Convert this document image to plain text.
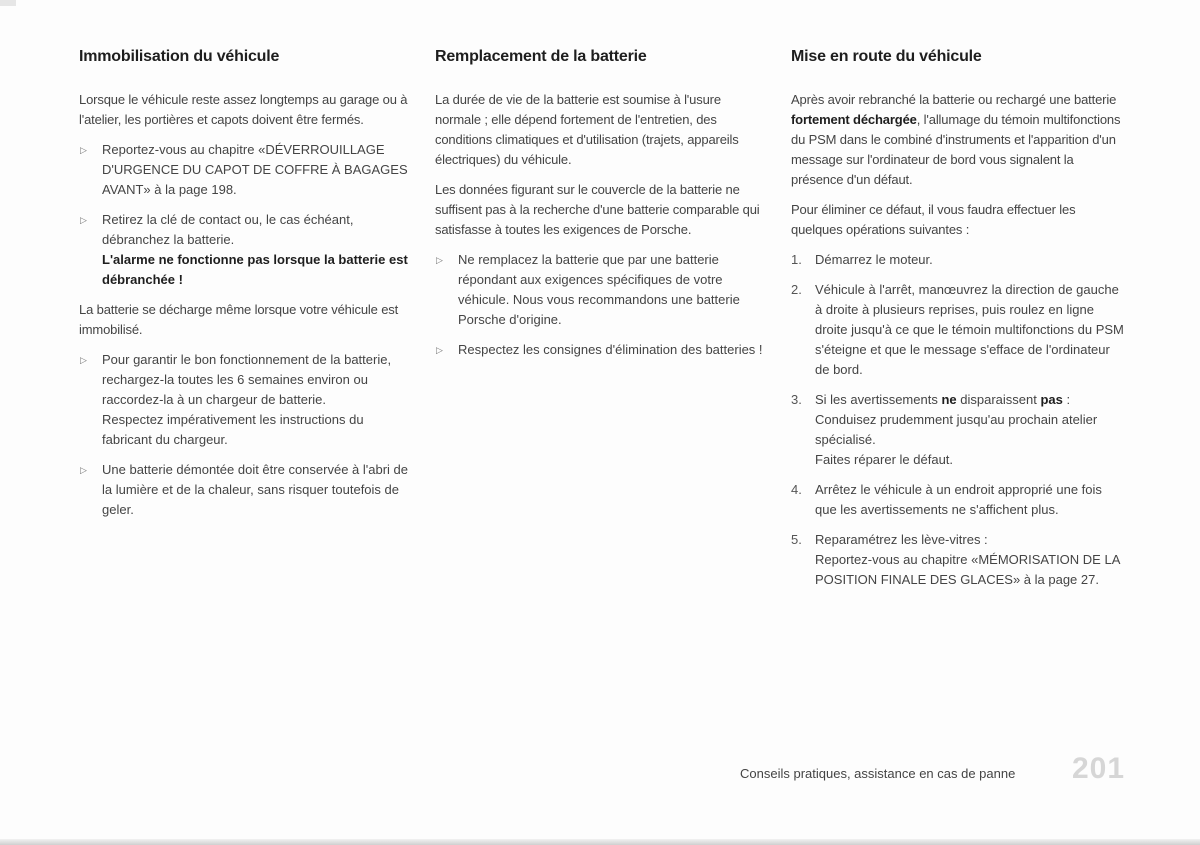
Immobilisation du véhicule

Lorsque le véhicule reste assez longtemps au garage ou à l'atelier, les portières et capots doivent être fermés.

▷	Reportez-vous au chapitre «DÉVERROUILLAGE D'URGENCE DU CAPOT DE COFFRE À BAGAGES AVANT» à la page 198.
▷	Retirez la clé de contact ou, le cas échéant, débranchez la batterie.
L'alarme ne fonctionne pas lorsque la batterie est débranchée !

La batterie se décharge même lorsque votre véhicule est immobilisé.

▷	Pour garantir le bon fonctionnement de la batterie, rechargez-la toutes les 6 semaines environ ou raccordez-la à un chargeur de batterie.
Respectez impérativement les instructions du fabricant du chargeur.
▷	Une batterie démontée doit être conservée à l'abri de la lumière et de la chaleur, sans risquer toutefois de geler.
Remplacement de la batterie

La durée de vie de la batterie est soumise à l'usure normale ; elle dépend fortement de l'entretien, des conditions climatiques et d'utilisation (trajets, appareils électriques) du véhicule.

Les données figurant sur le couvercle de la batterie ne suffisent pas à la recherche d'une batterie comparable qui satisfasse à toutes les exigences de Porsche.

▷	Ne remplacez la batterie que par une batterie répondant aux exigences spécifiques de votre véhicule. Nous vous recommandons une batterie Porsche d'origine.
▷	Respectez les consignes d'élimination des batteries !
Mise en route du véhicule

Après avoir rebranché la batterie ou rechargé une batterie fortement déchargée, l'allumage du témoin multifonctions du PSM dans le combiné d'instruments et l'apparition d'un message sur l'ordinateur de bord vous signalent la présence d'un défaut.

Pour éliminer ce défaut, il vous faudra effectuer les quelques opérations suivantes :

1.	Démarrez le moteur.
2.	Véhicule à l'arrêt, manœuvrez la direction de gauche à droite à plusieurs reprises, puis roulez en ligne droite jusqu'à ce que le témoin multifonctions du PSM s'éteigne et que le message s'efface de l'ordinateur de bord.
3.	Si les avertissements ne disparaissent pas :
Conduisez prudemment jusqu'au prochain atelier spécialisé.
Faites réparer le défaut.
4.	Arrêtez le véhicule à un endroit approprié une fois que les avertissements ne s'affichent plus.
5.	Reparamétrez les lève-vitres :
Reportez-vous au chapitre «MÉMORISATION DE LA POSITION FINALE DES GLACES» à la page 27.
Conseils pratiques, assistance en cas de panne 201
